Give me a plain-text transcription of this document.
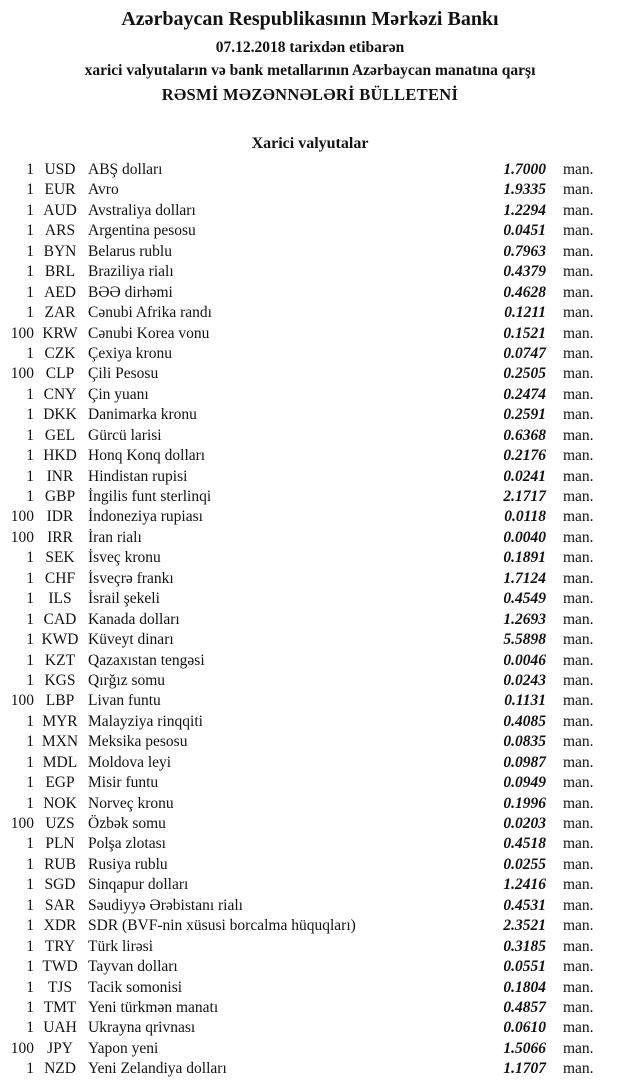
Azərbaycan Respublikasının Mərkəzi Bankı
07.12.2018 tarixdən etibarən
xarici valyutaların və bank metallarının Azərbaycan manatına qarşı
RƏSMİ MƏZƏNNƏLƏRİ BÜLLETENİ
Xarici valyutalar
1 USD ABŞ dolları	1.7000 man.
1 EUR Avro	1.9335 man.
1 AUD Avstraliya dolları	1.2294 man.
1 ARS Argentina pesosu	0.0451 man.
1 BYN Belarus rublu	0.7963 man.
1 BRL Braziliya rialı	0.4379 man.
1 AED BƏƏ dirhəmi	0.4628 man.
1 ZAR Cənubi Afrika randı	0.1211 man.
100 KRW Cənubi Korea vonu	0.1521 man.
1 CZK Çexiya kronu	0.0747 man.
100 CLP Çili Pesosu	0.2505 man.
1 CNY Çin yuanı	0.2474 man.
1 DKK Danimarka kronu	0.2591 man.
1 GEL Gürcü larisi	0.6368 man.
1 HKD Honq Konq dolları	0.2176 man.
1 INR Hindistan rupisi	0.0241 man.
1 GBP İngilis funt sterlinqi	2.1717 man.
100 IDR İndoneziya rupiası	0.0118 man.
100 IRR İran rialı	0.0040 man.
1 SEK İsveç kronu	0.1891 man.
1 CHF İsveçrə frankı	1.7124 man.
1 ILS	İsrail şekeli	0.4549 man.
1 CAD Kanada dolları	1.2693 man.
1 KWD Küveyt dinarı	5.5898 man.
1 KZT Qazaxıstan tengəsi	0.0046 man.
1 KGS Qırğız somu	0.0243 man.
100 LBP Livan funtu	0.1131 man.
1 MYR Malayziya rinqqiti	0.4085 man.
1 MXN Meksika pesosu	0.0835 man.
1 MDL Moldova leyi	0.0987 man.
1 EGP Misir funtu	0.0949 man.
1 NOK Norveç kronu	0.1996 man.
100 UZS Özbək somu	0.0203 man.
1 PLN Polşa zlotası	0.4518 man.
1 RUB Rusiya rublu	0.0255 man.
1 SGD Sinqapur dolları	1.2416 man.
1 SAR Səudiyyə Ərəbistanı rialı	0.4531 man.
1 XDR SDR (BVF-nin xüsusi borcalma hüquqları)	2.3521 man.
1 TRY Türk lirəsi	0.3185 man.
1 TWD Tayvan dolları	0.0551 man.
1 TJS	Tacik somonisi	0.1804 man.
1 TMT Yeni türkmən manatı	0.4857 man.
1 UAH Ukrayna qrivnası	0.0610 man.
100 JPY Yapon yeni	1.5066 man.
1 NZD Yeni Zelandiya dolları	1.1707 man.
